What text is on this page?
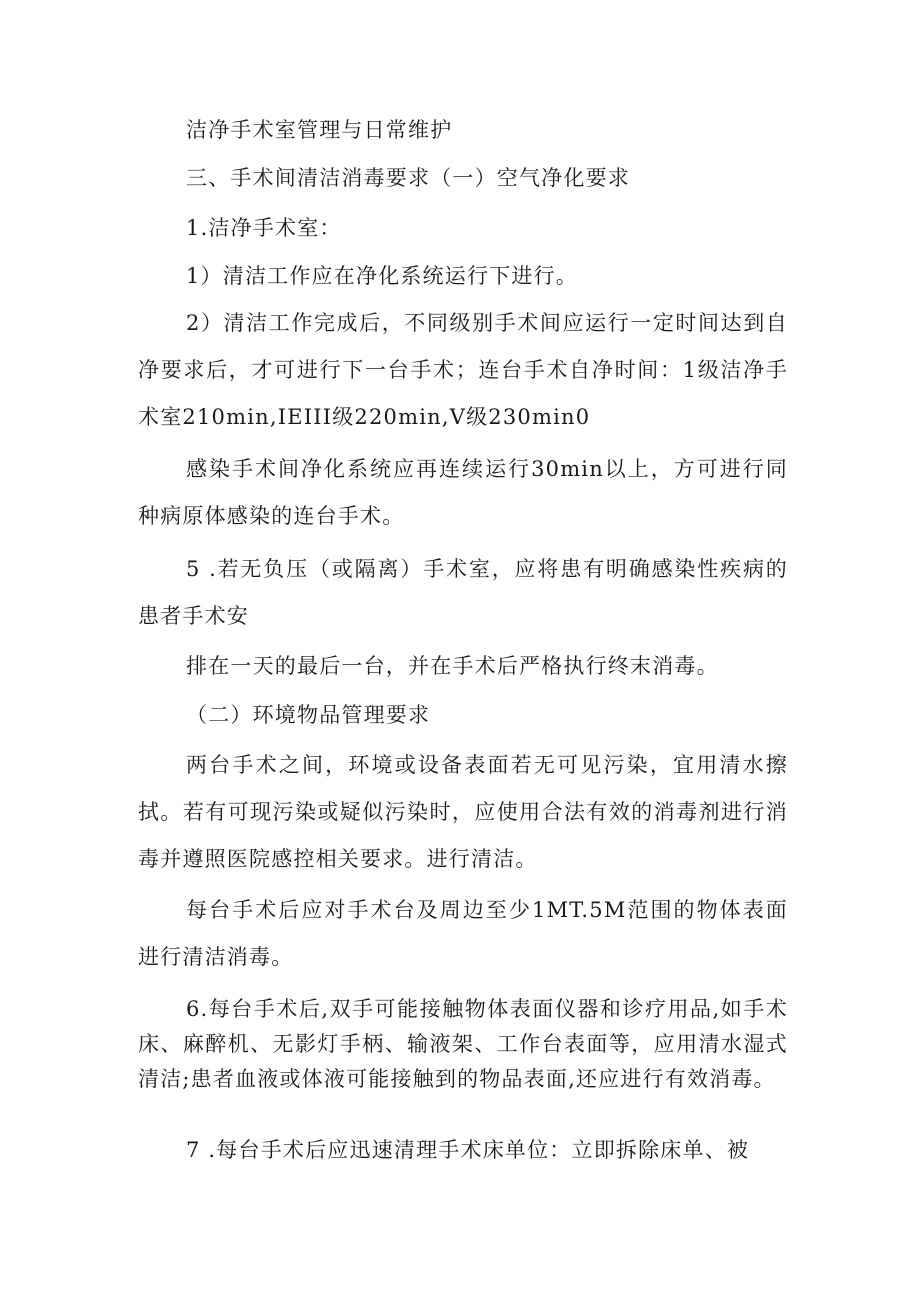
洁净手术室管理与日常维护

三、手术间清洁消毒要求（一）空气净化要求

1.洁净手术室：

1）清洁工作应在净化系统运行下进行。

2）清洁工作完成后，不同级别手术间应运行一定时间达到自净要求后，才可进行下一台手术；连台手术自净时间：1级洁净手术室210min,IEIII级220min,V级230min0

感染手术间净化系统应再连续运行30min以上，方可进行同种病原体感染的连台手术。

5 .若无负压（或隔离）手术室，应将患有明确感染性疾病的患者手术安

排在一天的最后一台，并在手术后严格执行终末消毒。

（二）环境物品管理要求

两台手术之间，环境或设备表面若无可见污染，宜用清水擦拭。若有可现污染或疑似污染时，应使用合法有效的消毒剂进行消毒并遵照医院感控相关要求。进行清洁。

每台手术后应对手术台及周边至少1MT.5M范围的物体表面进行清洁消毒。

6.每台手术后,双手可能接触物体表面仪器和诊疗用品,如手术床、麻醉机、无影灯手柄、输液架、工作台表面等，应用清水湿式清洁;患者血液或体液可能接触到的物品表面,还应进行有效消毒。

7 .每台手术后应迅速清理手术床单位：立即拆除床单、被
